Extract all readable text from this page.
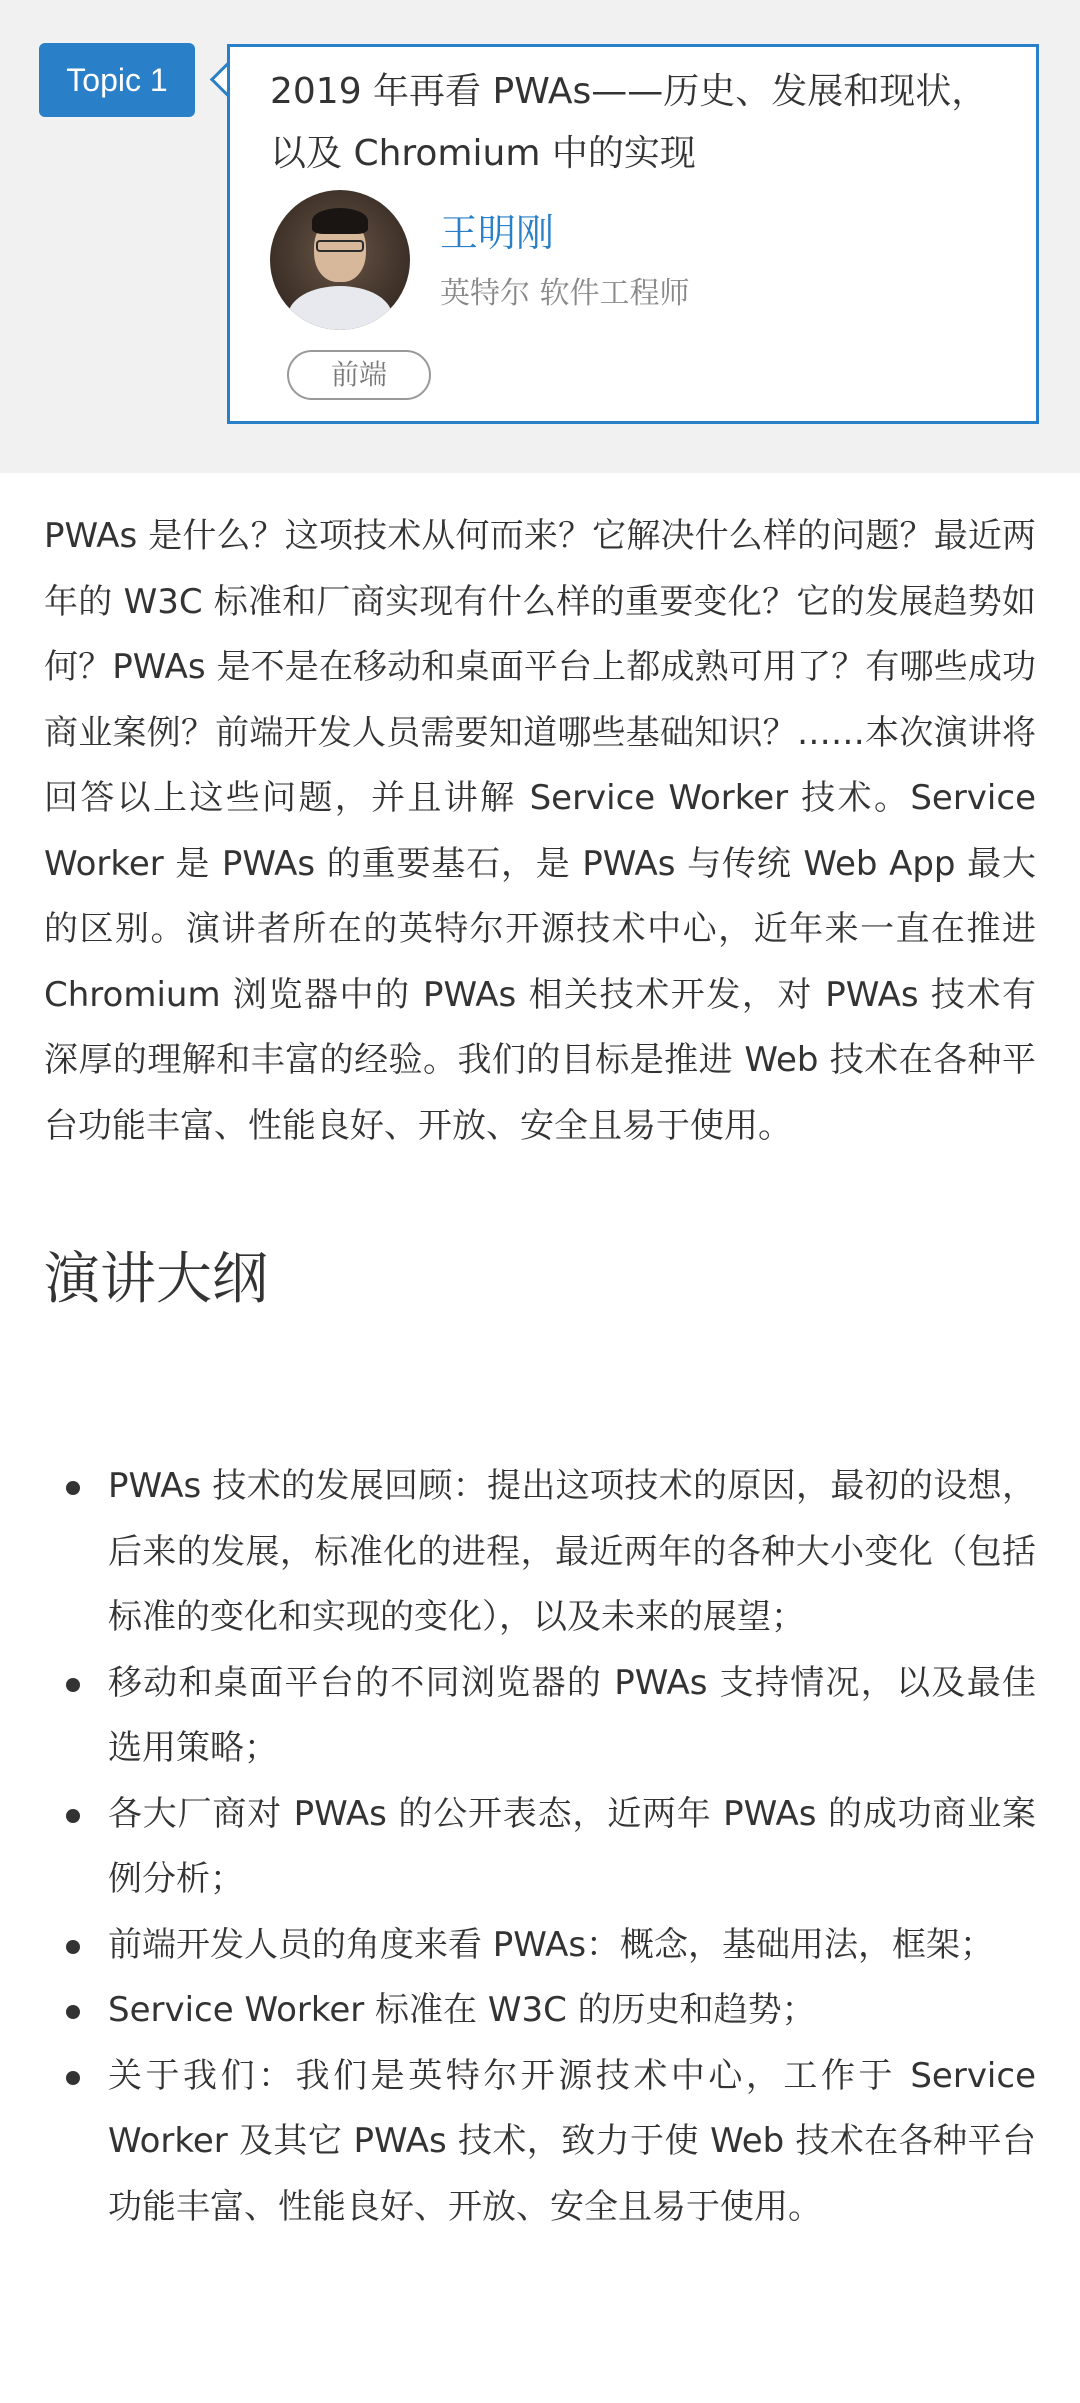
Topic 1	2019 年再看 PWAs——历史、发展和现状，以及 Chromium 中的实现
王明刚
英特尔 软件工程师
前端

PWAs 是什么？这项技术从何而来？它解决什么样的问题？最近两年的 W3C 标准和厂商实现有什么样的重要变化？它的发展趋势如何？PWAs 是不是在移动和桌面平台上都成熟可用了？有哪些成功商业案例？前端开发人员需要知道哪些基础知识？……本次演讲将回答以上这些问题，并且讲解 Service Worker 技术。Service Worker 是 PWAs 的重要基石，是 PWAs 与传统 Web App 最大的区别。演讲者所在的英特尔开源技术中心，近年来一直在推进 Chromium 浏览器中的 PWAs 相关技术开发，对 PWAs 技术有深厚的理解和丰富的经验。我们的目标是推进 Web 技术在各种平台功能丰富、性能良好、开放、安全且易于使用。

演讲大纲
PWAs 技术的发展回顾：提出这项技术的原因，最初的设想，后来的发展，标准化的进程，最近两年的各种大小变化（包括标准的变化和实现的变化），以及未来的展望；
移动和桌面平台的不同浏览器的 PWAs 支持情况，以及最佳选用策略；
各大厂商对 PWAs 的公开表态，近两年 PWAs 的成功商业案例分析；
前端开发人员的角度来看 PWAs：概念，基础用法，框架；
Service Worker 标准在 W3C 的历史和趋势；
关于我们：我们是英特尔开源技术中心，工作于 Service Worker 及其它 PWAs 技术，致力于使 Web 技术在各种平台功能丰富、性能良好、开放、安全且易于使用。
